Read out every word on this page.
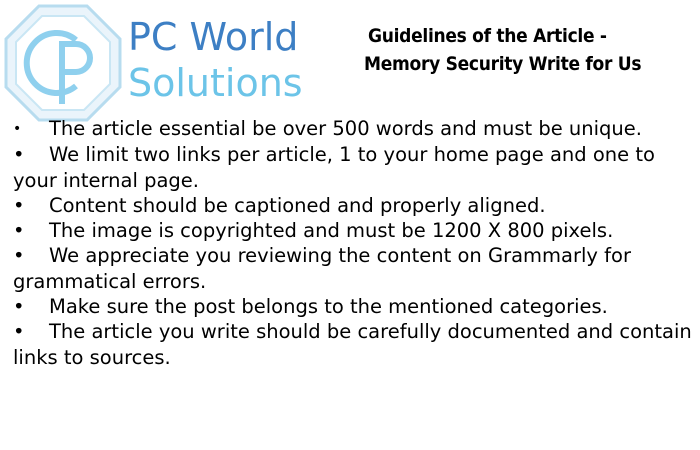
PC World
Solutions
Guidelines of the Article -
Memory Security Write for Us
• The article essential be over 500 words and must be unique.
• We limit two links per article, 1 to your home page and one to your internal page.
• Content should be captioned and properly aligned.
• The image is copyrighted and must be 1200 X 800 pixels.
• We appreciate you reviewing the content on Grammarly for grammatical errors.
• Make sure the post belongs to the mentioned categories.
• The article you write should be carefully documented and contain links to sources.
